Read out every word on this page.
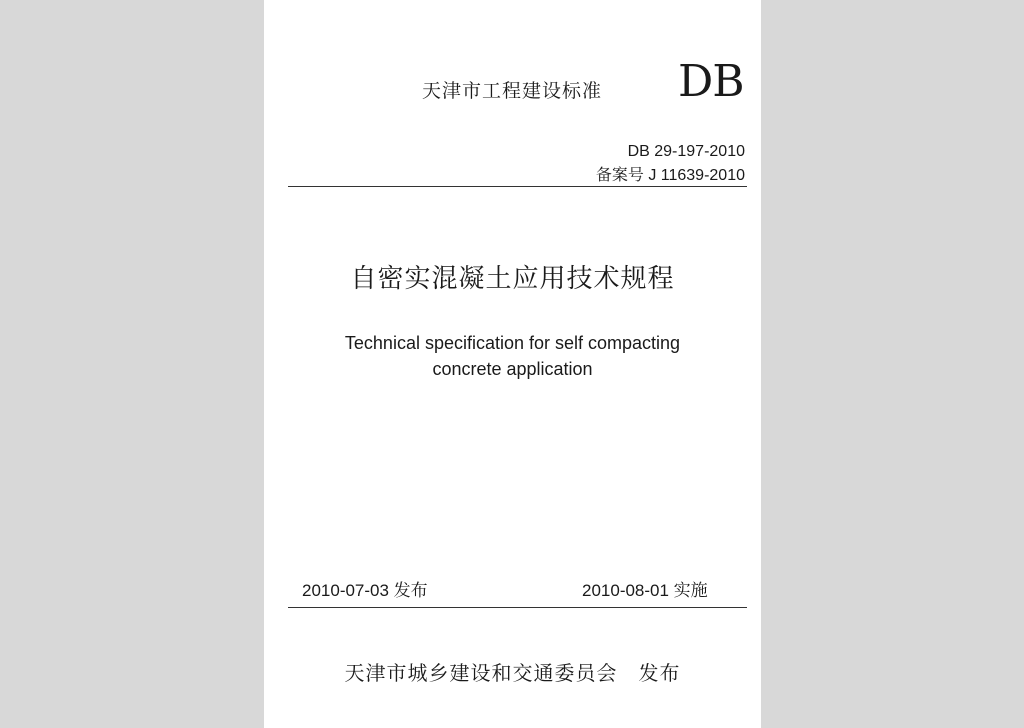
天津市工程建设标准 DB

DB 29-197-2010

备案号 J 11639-2010

自密实混凝土应用技术规程

Technical specification for self compacting
concrete application

2010-07-03 发布	2010-08-01 实施

天津市城乡建设和交通委员会　发布
